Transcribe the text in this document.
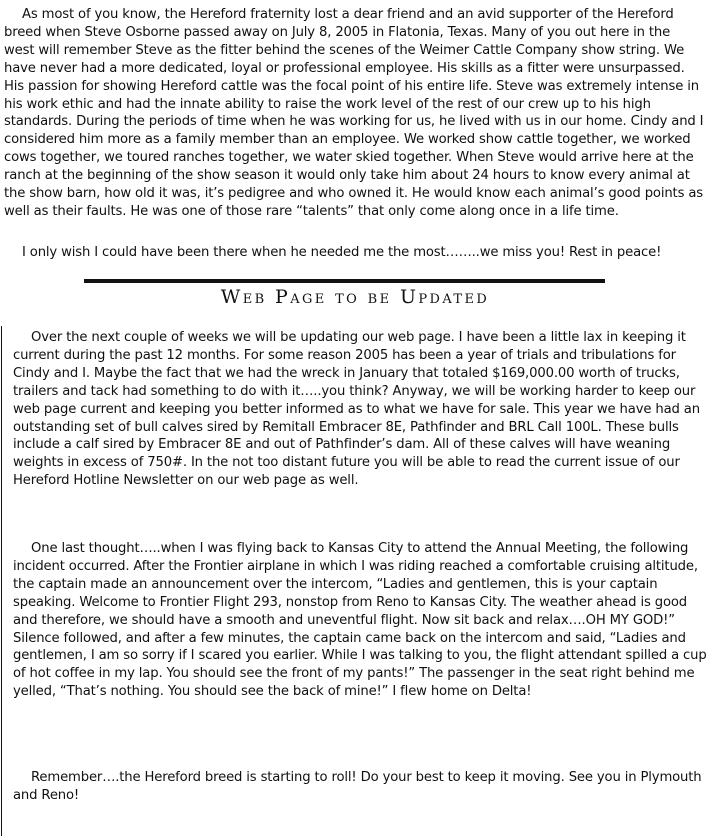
As most of you know, the Hereford fraternity lost a dear friend and an avid supporter of the Hereford breed when Steve Osborne passed away on July 8, 2005 in Flatonia, Texas. Many of you out here in the west will remember Steve as the fitter behind the scenes of the Weimer Cattle Company show string. We have never had a more dedicated, loyal or professional employee. His skills as a fitter were unsurpassed. His passion for showing Hereford cattle was the focal point of his entire life. Steve was extremely intense in his work ethic and had the innate ability to raise the work level of the rest of our crew up to his high standards. During the periods of time when he was working for us, he lived with us in our home. Cindy and I considered him more as a family member than an employee. We worked show cattle together, we worked cows together, we toured ranches together, we water skied together. When Steve would arrive here at the ranch at the beginning of the show season it would only take him about 24 hours to know every animal at the show barn, how old it was, it’s pedigree and who owned it. He would know each animal’s good points as well as their faults. He was one of those rare “talents” that only come along once in a life time.

I only wish I could have been there when he needed me the most……..we miss you! Rest in peace!

Web Page to be Updated

Over the next couple of weeks we will be updating our web page. I have been a little lax in keeping it current during the past 12 months. For some reason 2005 has been a year of trials and tribulations for Cindy and I. Maybe the fact that we had the wreck in January that totaled $169,000.00 worth of trucks, trailers and tack had something to do with it…..you think? Anyway, we will be working harder to keep our web page current and keeping you better informed as to what we have for sale. This year we have had an outstanding set of bull calves sired by Remitall Embracer 8E, Pathfinder and BRL Call 100L. These bulls include a calf sired by Embracer 8E and out of Pathfinder’s dam. All of these calves will have weaning weights in excess of 750#. In the not too distant future you will be able to read the current issue of our Hereford Hotline Newsletter on our web page as well.

One last thought…..when I was flying back to Kansas City to attend the Annual Meeting, the following incident occurred. After the Frontier airplane in which I was riding reached a comfortable cruising altitude, the captain made an announcement over the intercom, “Ladies and gentlemen, this is your captain speaking. Welcome to Frontier Flight 293, nonstop from Reno to Kansas City. The weather ahead is good and therefore, we should have a smooth and uneventful flight. Now sit back and relax….OH MY GOD!” Silence followed, and after a few minutes, the captain came back on the intercom and said, “Ladies and gentlemen, I am so sorry if I scared you earlier. While I was talking to you, the flight attendant spilled a cup of hot coffee in my lap. You should see the front of my pants!” The passenger in the seat right behind me yelled, “That’s nothing. You should see the back of mine!” I flew home on Delta!

Remember….the Hereford breed is starting to roll! Do your best to keep it moving. See you in Plymouth and Reno!
